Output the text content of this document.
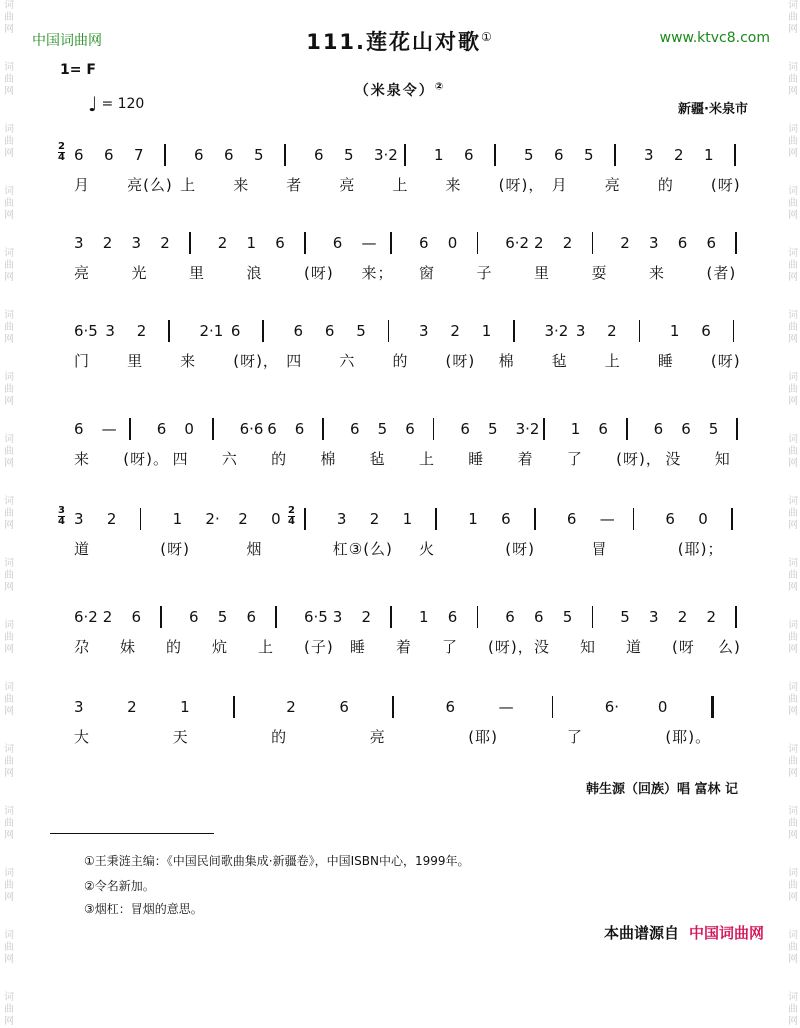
词
曲
网
词
曲
网
词
曲
网
词
曲
网
词
曲
网
词
曲
网
词
曲
网
词
曲
网
词
曲
网
词
曲
网
词
曲
网
词
曲
网
词
曲
网
词
曲
网
词
曲
网
词
曲
网
词
曲
网
词
曲
网
词
曲
网
词
曲
网
词
曲
网
词
曲
网
词
曲
网
词
曲
网
词
曲
网
词
曲
网
词
曲
网
词
曲
网
词
曲
网
词
曲
网
词
曲
网
词
曲
网
词
曲
网
词
曲
网
中国词曲网	www.ktvc8.com
111.莲花山对歌①
（米泉令）②
1= F
♩ = 120	新疆·米泉市
6 6 7	6 6 5	6 5 3·2 1 6	5 6 5	3 2 1
月 亮(么) 上 来 者 亮 上 来 (呀)， 月 亮 的 (呀)
2
4
3 2 3 2	2 1 6	6 —	6 0	6·2 2 2	2 3 6 6
亮	光	里	浪	(呀) 来； 窗	子	里	耍	来	(者)
6·5 3 2	2·1 6	6 6 5	3 2 1	3·2 3 2	1 6
门 里 来 (呀)， 四 六 的 (呀) 棉 毡 上 睡 (呀)
6 —	6 0	6·6 6 6	6 5 6	6 5 3·2 1 6	6 6 5
来 (呀)。 四 六 的 棉 毡 上 睡 着 了 (呀)， 没 知
3 2	1 2· 2 0	3 2 1	1 6	6 —	6 0
道	(呀)	烟	杠③(么) 火	(呀)	冒	(耶)；
3
4
2
4
6·2 2 6	6 5 6	6·5 3 2	1 6	6 6 5	5 3 2 2
尕 妹 的 炕 上 (子) 睡 着 了 (呀)， 没 知 道 (呀 么)
3	2	1	2	6	6	—	6·	0
大	天	的	亮	(耶)	了	(耶)。
韩生源（回族）唱 富林 记
①王秉涟主编：《中国民间歌曲集成·新疆卷》，中国ISBN中心，1999年。
②令名新加。
③烟杠：冒烟的意思。
本曲谱源自 中国词曲网
